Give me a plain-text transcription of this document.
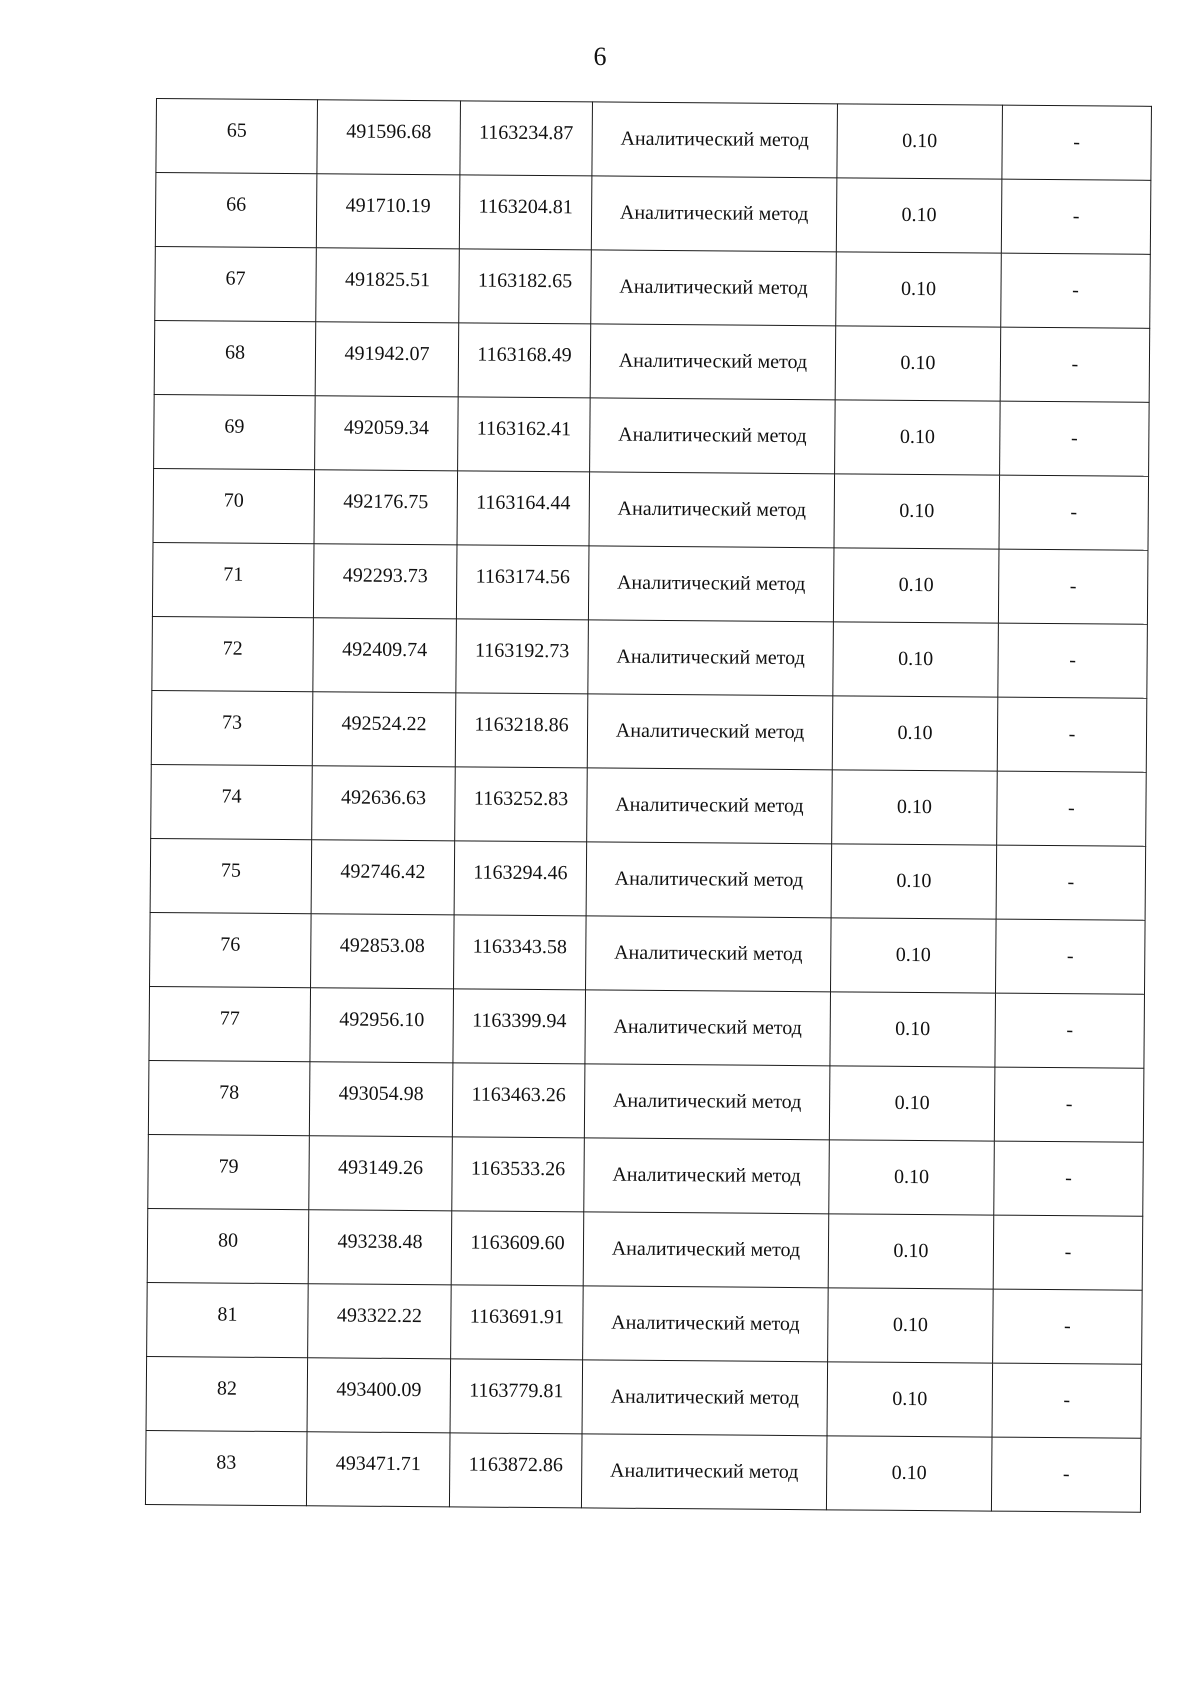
6
65	491596.68	1163234.87	Аналитический метод	0.10	-
66	491710.19	1163204.81	Аналитический метод	0.10	-
67	491825.51	1163182.65	Аналитический метод	0.10	-
68	491942.07	1163168.49	Аналитический метод	0.10	-
69	492059.34	1163162.41	Аналитический метод	0.10	-
70	492176.75	1163164.44	Аналитический метод	0.10	-
71	492293.73	1163174.56	Аналитический метод	0.10	-
72	492409.74	1163192.73	Аналитический метод	0.10	-
73	492524.22	1163218.86	Аналитический метод	0.10	-
74	492636.63	1163252.83	Аналитический метод	0.10	-
75	492746.42	1163294.46	Аналитический метод	0.10	-
76	492853.08	1163343.58	Аналитический метод	0.10	-
77	492956.10	1163399.94	Аналитический метод	0.10	-
78	493054.98	1163463.26	Аналитический метод	0.10	-
79	493149.26	1163533.26	Аналитический метод	0.10	-
80	493238.48	1163609.60	Аналитический метод	0.10	-
81	493322.22	1163691.91	Аналитический метод	0.10	-
82	493400.09	1163779.81	Аналитический метод	0.10	-
83	493471.71	1163872.86	Аналитический метод	0.10	-
